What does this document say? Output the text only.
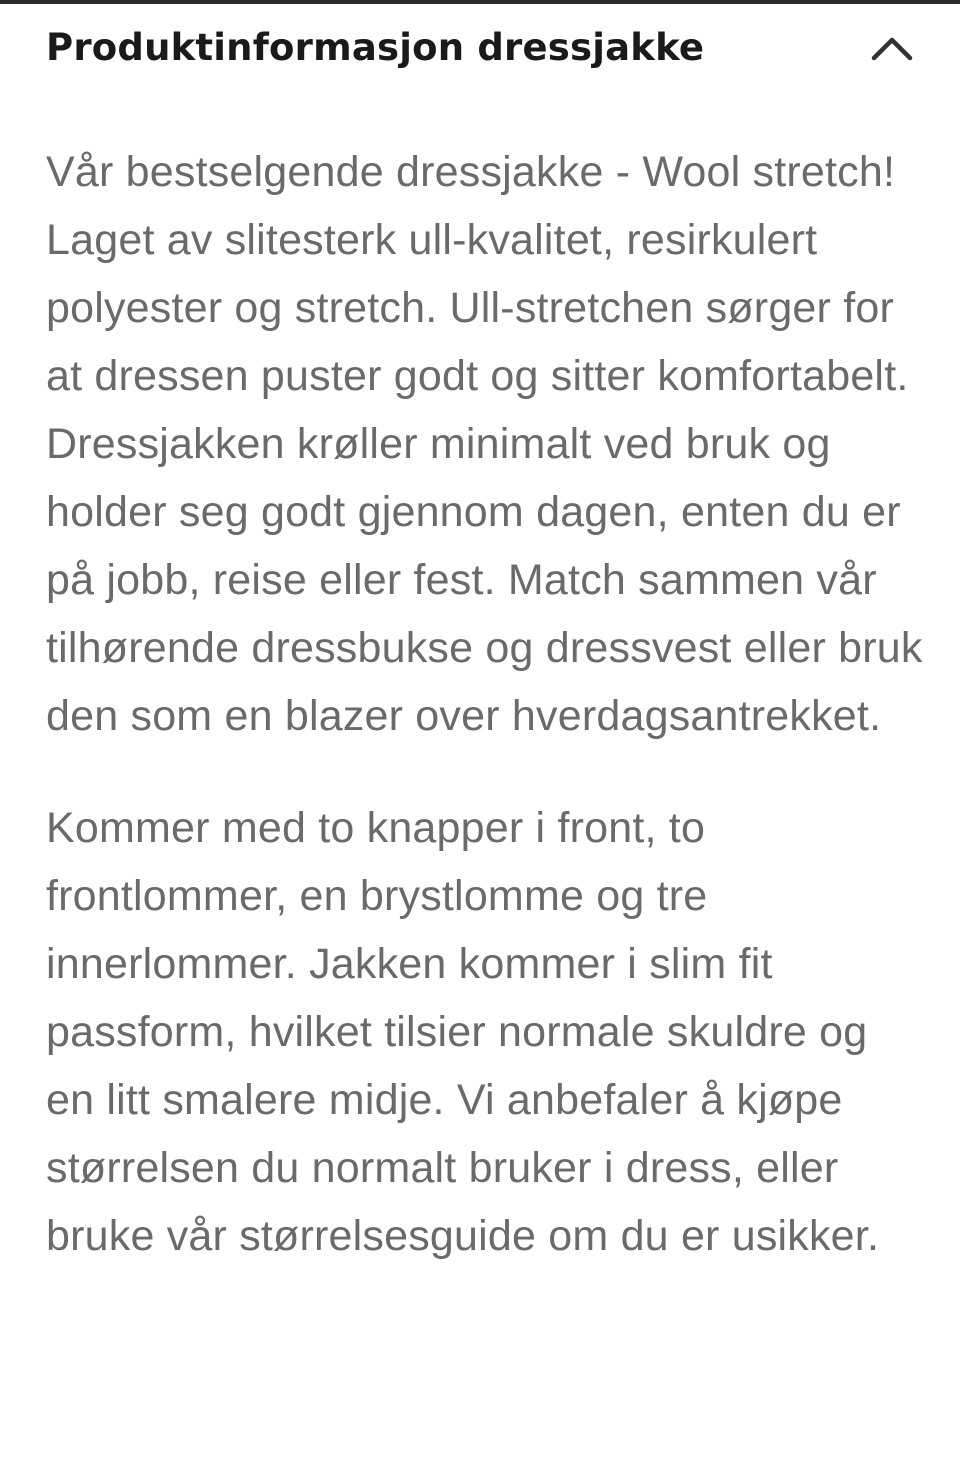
Produktinformasjon dressjakke

Vår bestselgende dressjakke - Wool stretch! Laget av slitesterk ull-kvalitet, resirkulert polyester og stretch. Ull-stretchen sørger for at dressen puster godt og sitter komfortabelt. Dressjakken krøller minimalt ved bruk og holder seg godt gjennom dagen, enten du er på jobb, reise eller fest. Match sammen vår tilhørende dressbukse og dressvest eller bruk den som en blazer over hverdagsantrekket.

Kommer med to knapper i front, to frontlommer, en brystlomme og tre innerlommer. Jakken kommer i slim fit passform, hvilket tilsier normale skuldre og en litt smalere midje. Vi anbefaler å kjøpe størrelsen du normalt bruker i dress, eller bruke vår størrelsesguide om du er usikker.
